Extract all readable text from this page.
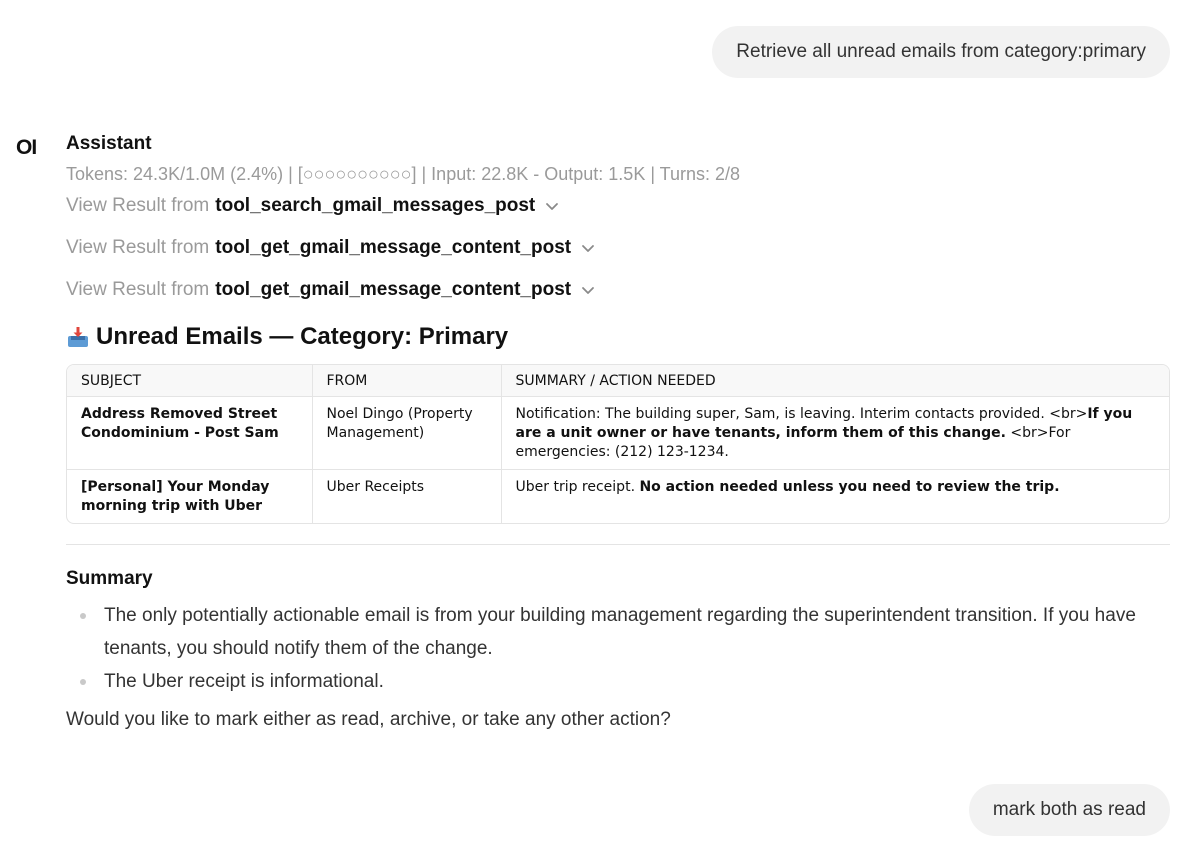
Retrieve all unread emails from category:primary
OI Assistant
Tokens: 24.3K/1.0M (2.4%) | [○○○○○○○○○○] | Input: 22.8K - Output: 1.5K | Turns: 2/8
View Result from tool_search_gmail_messages_post
View Result from tool_get_gmail_message_content_post
View Result from tool_get_gmail_message_content_post
Unread Emails — Category: Primary
SUBJECT	FROM	SUMMARY / ACTION NEEDED
Address Removed Street Condominium - Post Sam	Noel Dingo (Property Management)	Notification: The building super, Sam, is leaving. Interim contacts provided. <br>If you are a unit owner or have tenants, inform them of this change. <br>For emergencies: (212) 123-1234.
[Personal] Your Monday morning trip with Uber	Uber Receipts	Uber trip receipt. No action needed unless you need to review the trip.
Summary
The only potentially actionable email is from your building management regarding the superintendent transition. If you have tenants, you should notify them of the change.
The Uber receipt is informational.
Would you like to mark either as read, archive, or take any other action?
mark both as read
